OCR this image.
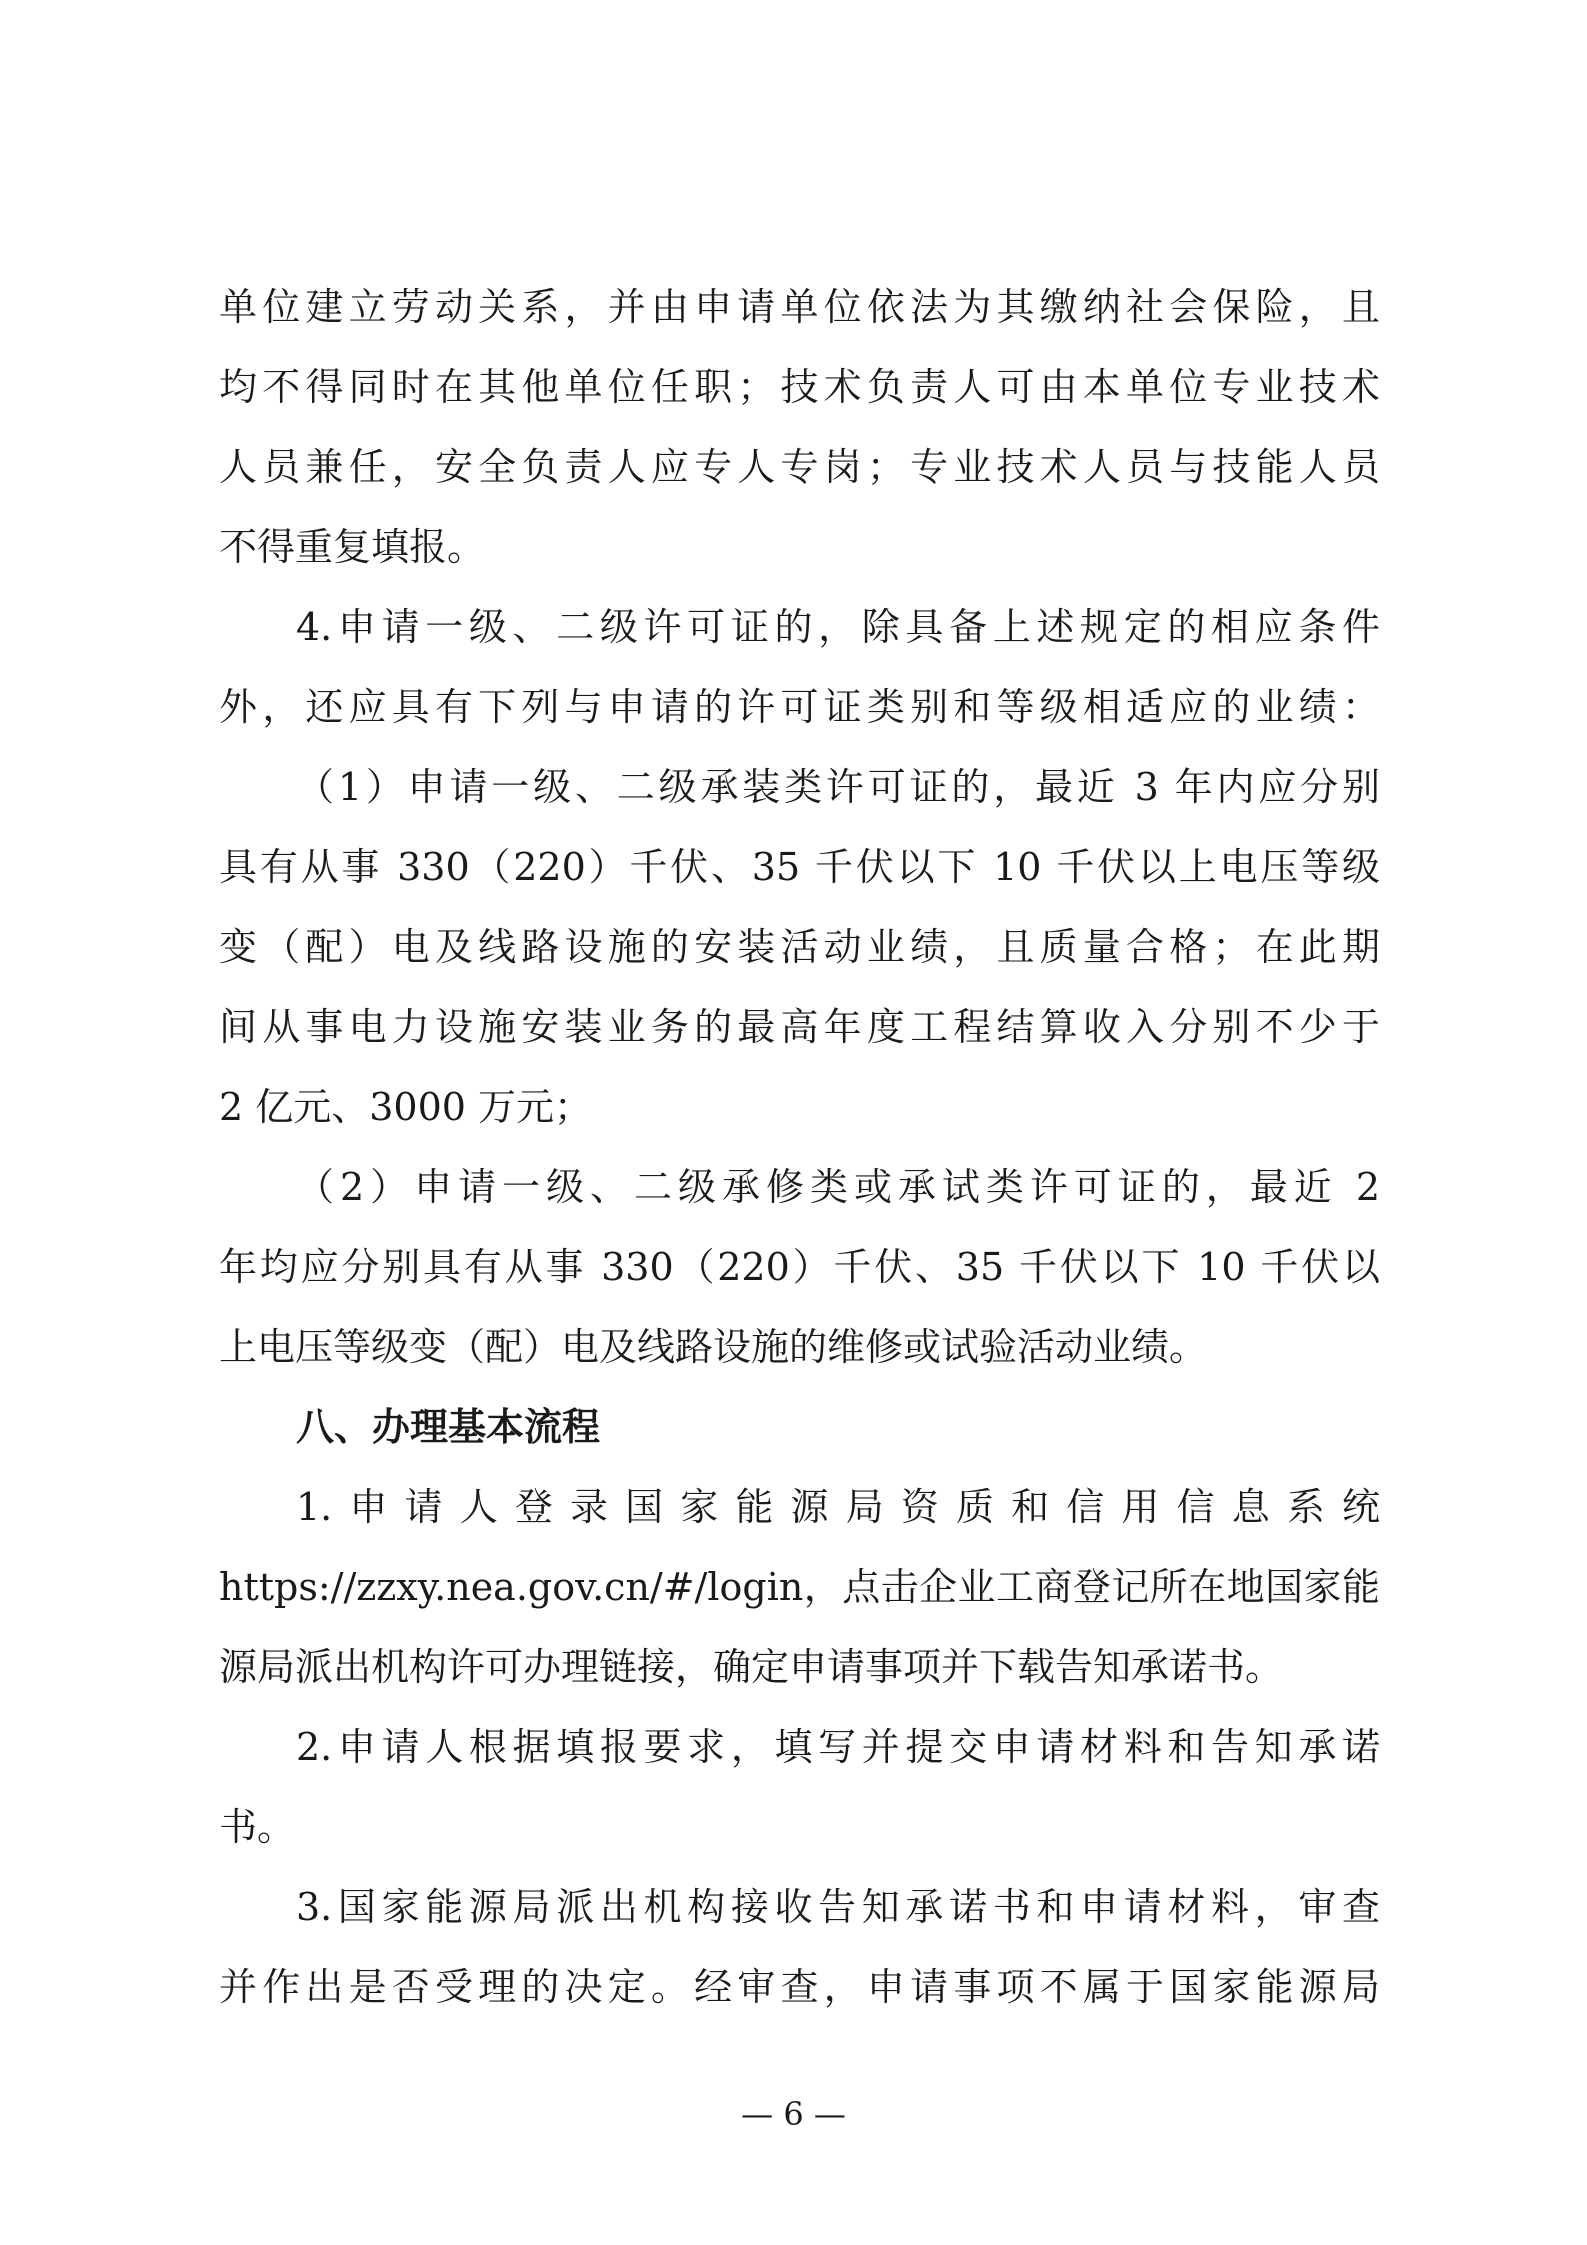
单位建立劳动关系，并由申请单位依法为其缴纳社会保险，且
均不得同时在其他单位任职；技术负责人可由本单位专业技术
人员兼任，安全负责人应专人专岗；专业技术人员与技能人员
不得重复填报。
4.申请一级、二级许可证的，除具备上述规定的相应条件
外，还应具有下列与申请的许可证类别和等级相适应的业绩：
（1）申请一级、二级承装类许可证的，最近 3 年内应分别
具有从事 330（220）千伏、35 千伏以下 10 千伏以上电压等级
变（配）电及线路设施的安装活动业绩，且质量合格；在此期
间从事电力设施安装业务的最高年度工程结算收入分别不少于
2 亿元、3000 万元；
（2）申请一级、二级承修类或承试类许可证的，最近 2
年均应分别具有从事 330（220）千伏、35 千伏以下 10 千伏以
上电压等级变（配）电及线路设施的维修或试验活动业绩。
八、办理基本流程
1.申请人登录国家能源局资质和信用信息系统
https://zzxy.nea.gov.cn/#/login，点击企业工商登记所在地国家能
源局派出机构许可办理链接，确定申请事项并下载告知承诺书。
2.申请人根据填报要求，填写并提交申请材料和告知承诺
书。
3.国家能源局派出机构接收告知承诺书和申请材料，审查
并作出是否受理的决定。经审查，申请事项不属于国家能源局
— 6 —
